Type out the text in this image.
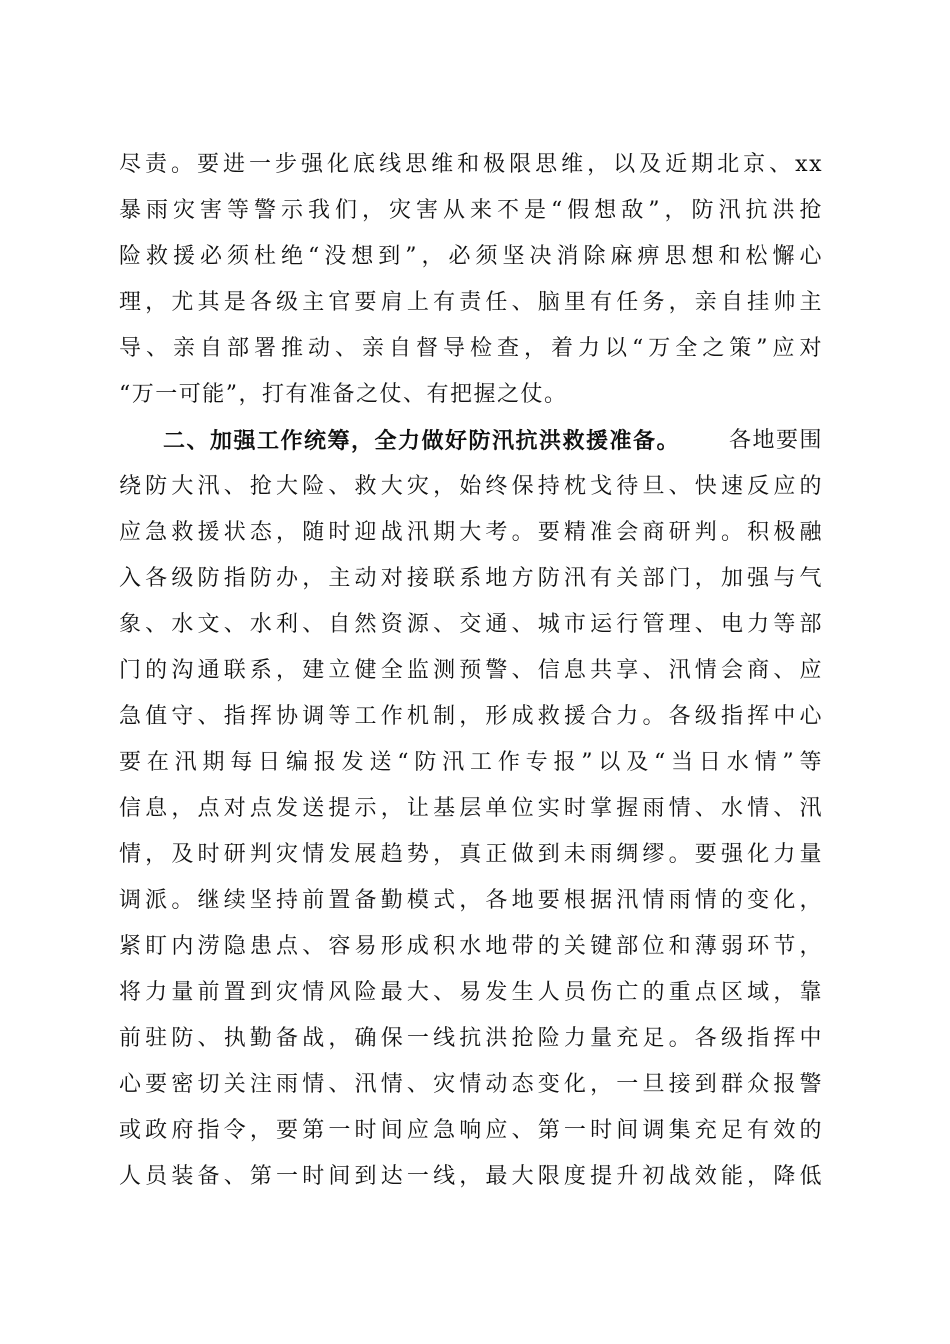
尽责。要进一步强化底线思维和极限思维，以及近期北京、xx
暴雨灾害等警示我们，灾害从来不是“假想敌”，防汛抗洪抢
险救援必须杜绝“没想到”，必须坚决消除麻痹思想和松懈心
理，尤其是各级主官要肩上有责任、脑里有任务，亲自挂帅主
导、亲自部署推动、亲自督导检查，着力以“万全之策”应对
“万一可能”，打有准备之仗、有把握之仗。
二、加强工作统筹，全力做好防汛抗洪救援准备。 各地要围
绕防大汛、抢大险、救大灾，始终保持枕戈待旦、快速反应的
应急救援状态，随时迎战汛期大考。要精准会商研判。积极融
入各级防指防办，主动对接联系地方防汛有关部门，加强与气
象、水文、水利、自然资源、交通、城市运行管理、电力等部
门的沟通联系，建立健全监测预警、信息共享、汛情会商、应
急值守、指挥协调等工作机制，形成救援合力。各级指挥中心
要在汛期每日编报发送“防汛工作专报”以及“当日水情”等
信息，点对点发送提示，让基层单位实时掌握雨情、水情、汛
情，及时研判灾情发展趋势，真正做到未雨绸缪。要强化力量
调派。继续坚持前置备勤模式，各地要根据汛情雨情的变化，
紧盯内涝隐患点、容易形成积水地带的关键部位和薄弱环节，
将力量前置到灾情风险最大、易发生人员伤亡的重点区域，靠
前驻防、执勤备战，确保一线抗洪抢险力量充足。各级指挥中
心要密切关注雨情、汛情、灾情动态变化，一旦接到群众报警
或政府指令，要第一时间应急响应、第一时间调集充足有效的
人员装备、第一时间到达一线，最大限度提升初战效能，降低
